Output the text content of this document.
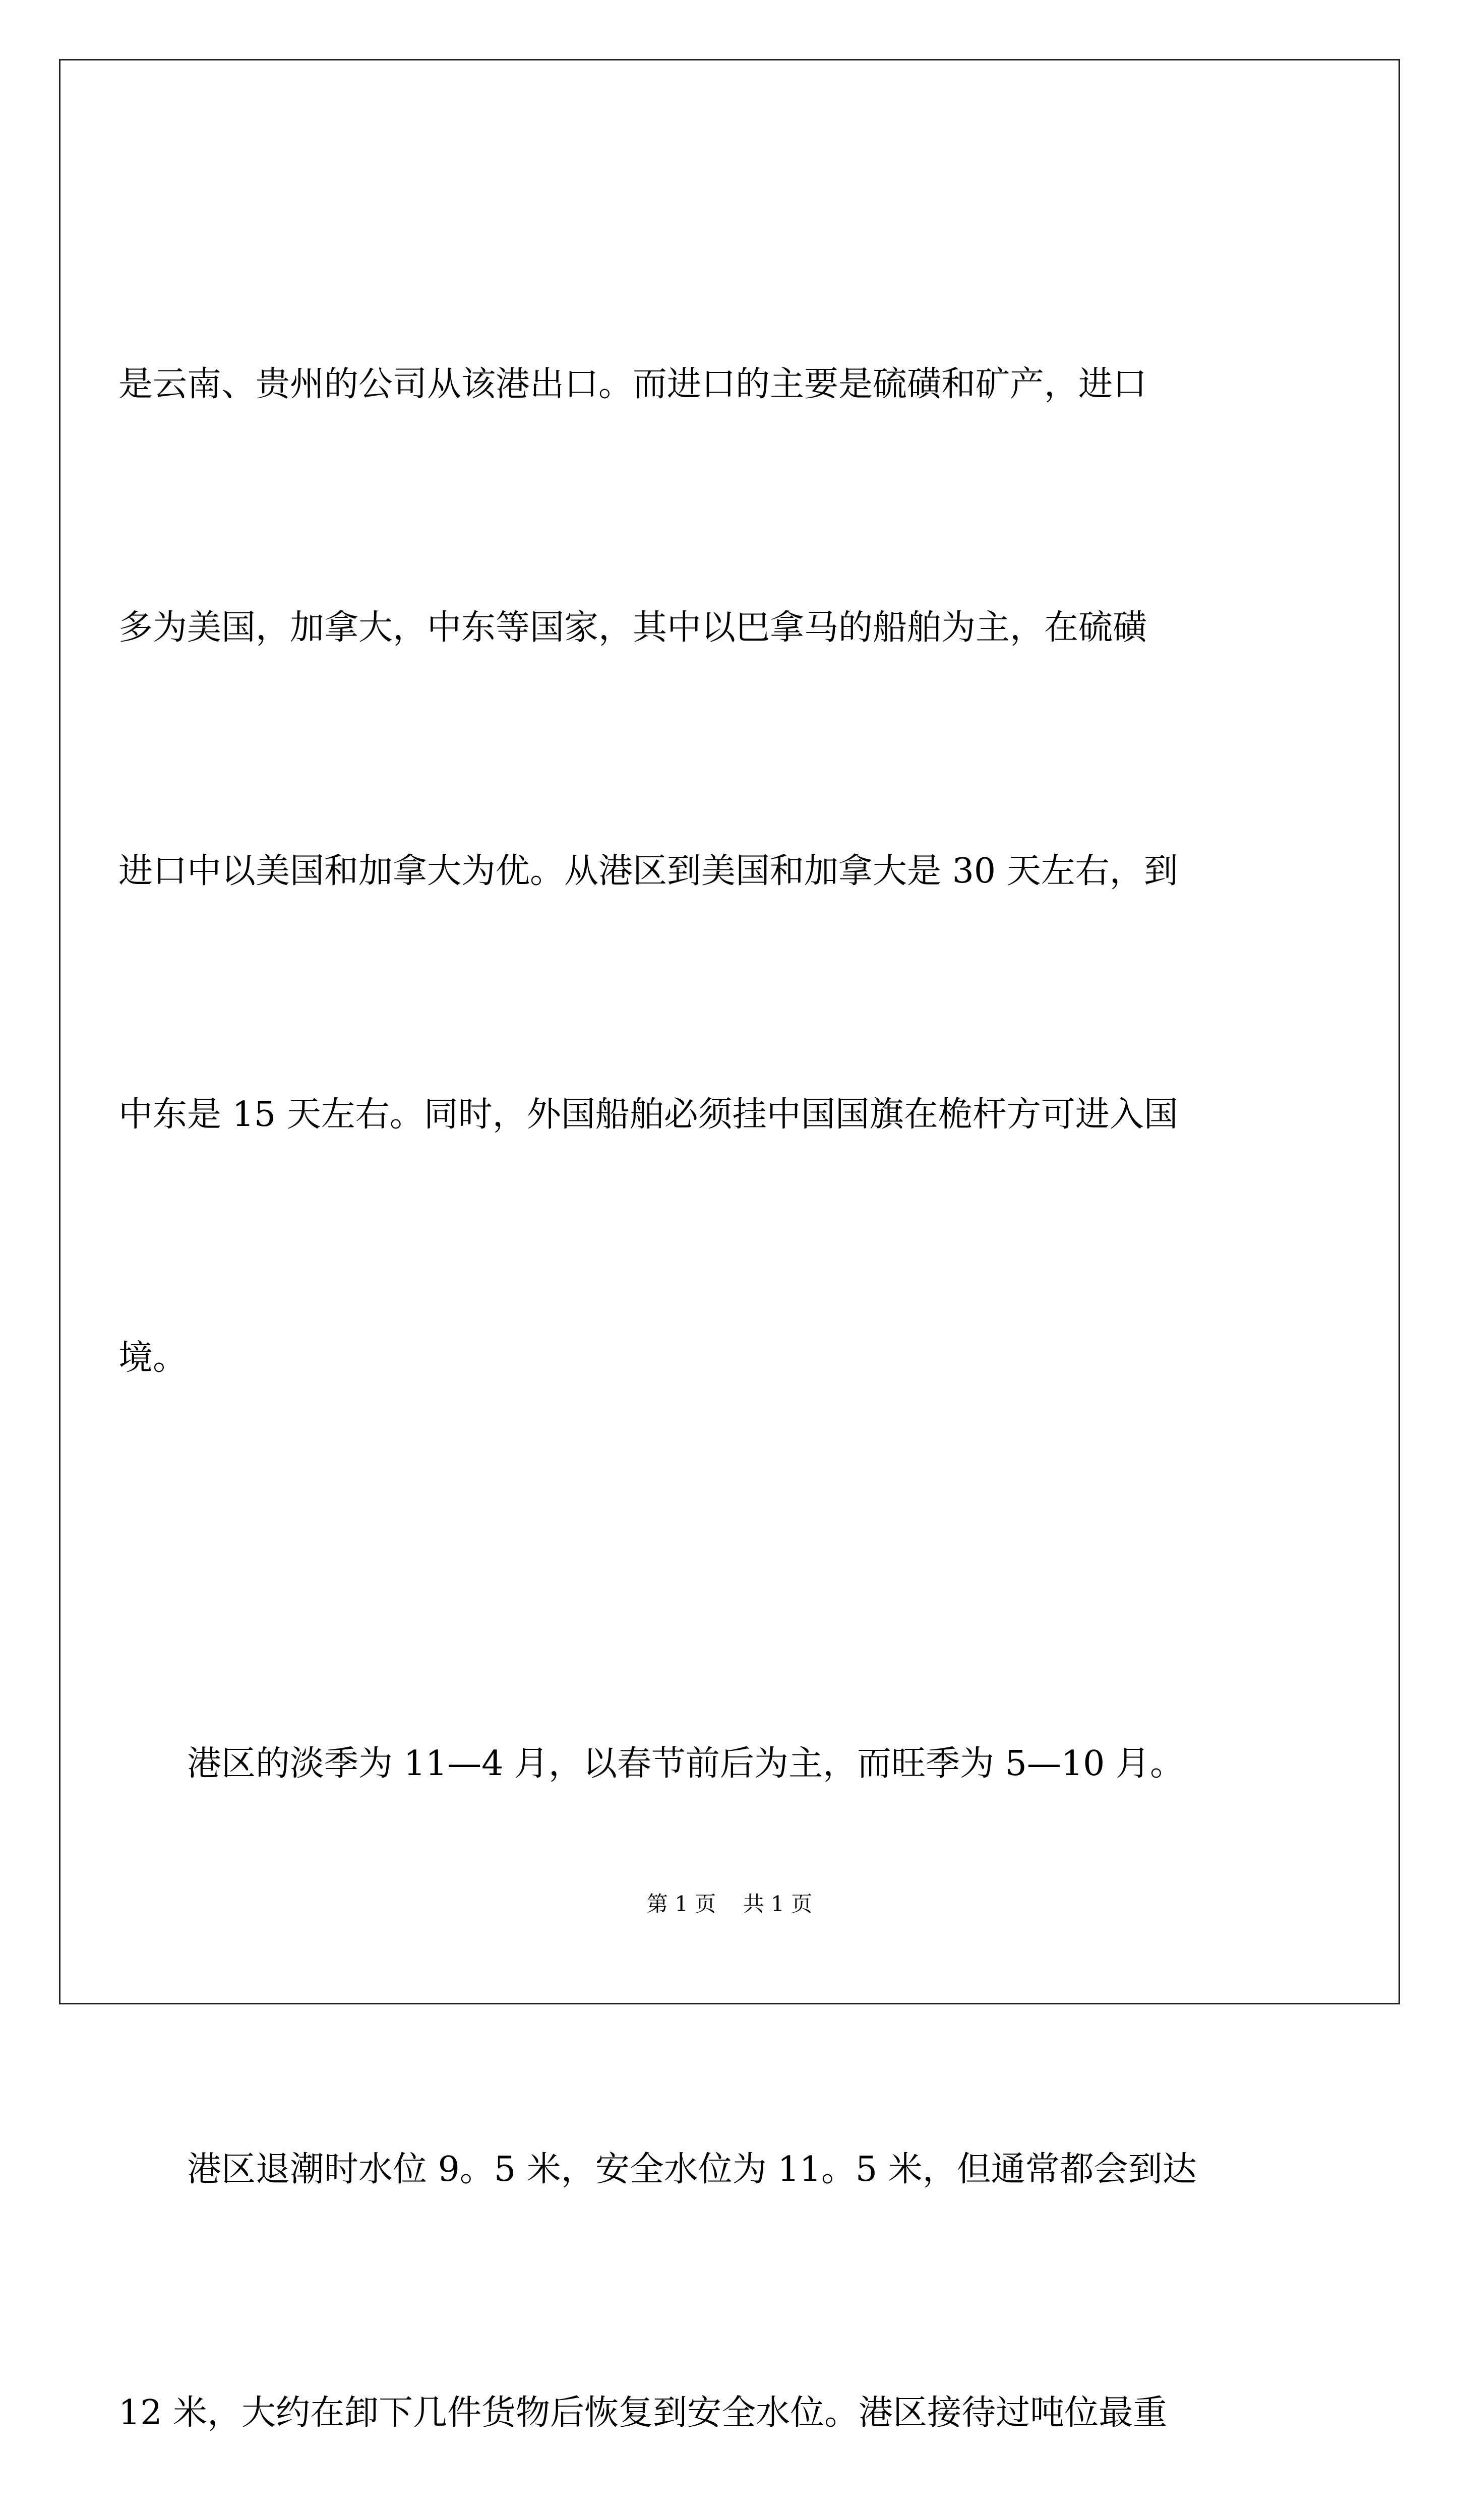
是云南、贵州的公司从该港出口。而进口的主要是硫磺和矿产，进口

多为美国，加拿大，中东等国家，其中以巴拿马的船舶为主，在硫磺

进口中以美国和加拿大为优。从港区到美国和加拿大是 30 天左右，到

中东是 15 天左右。同时，外国船舶必须挂中国国旗在桅杆方可进入国

境。

港区的淡季为 11—4 月，以春节前后为主，而旺季为 5—10 月。

港区退潮时水位 9。5 米，安全水位为 11。5 米，但通常都会到达

12 米，大约在卸下几件货物后恢复到安全水位。港区接待过吨位最重

第 1 页 共 1 页
